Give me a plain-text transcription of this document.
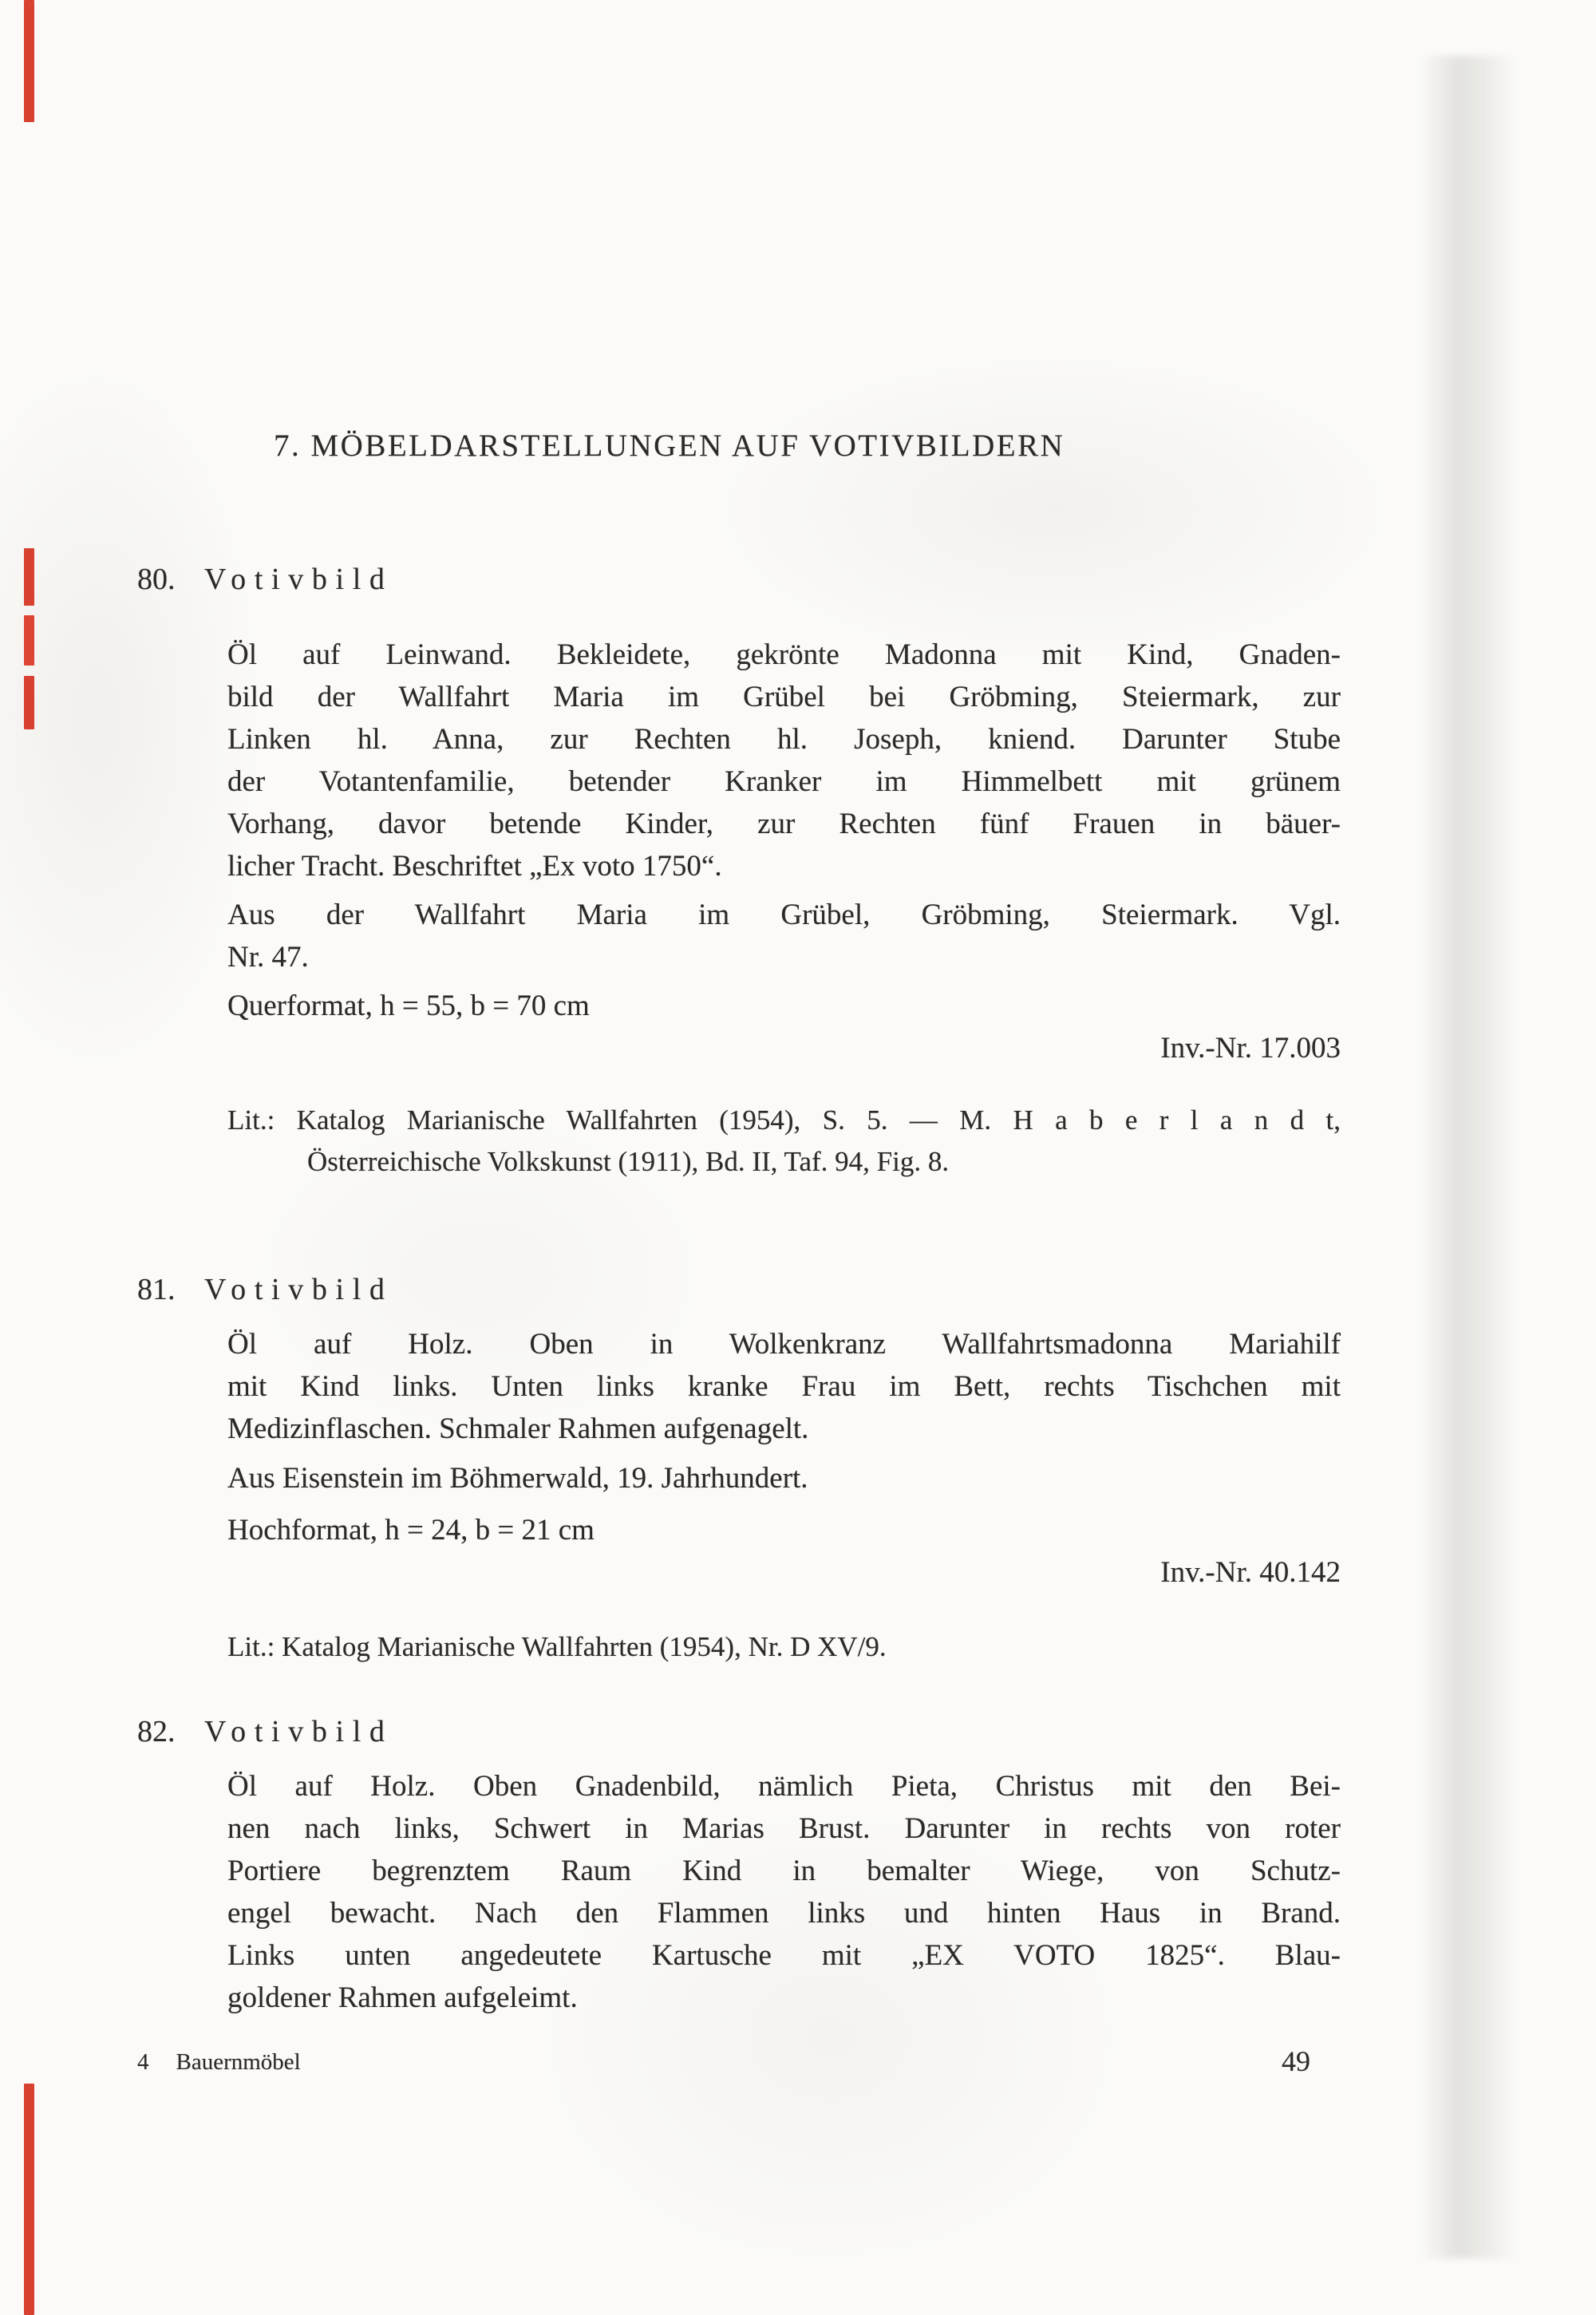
7. MÖBELDARSTELLUNGEN AUF VOTIVBILDERN
80. Votivbild
Öl auf Leinwand. Bekleidete, gekrönte Madonna mit Kind, Gnaden-
bild der Wallfahrt Maria im Grübel bei Gröbming, Steiermark, zur
Linken hl. Anna, zur Rechten hl. Joseph, kniend. Darunter Stube
der Votantenfamilie, betender Kranker im Himmelbett mit grünem
Vorhang, davor betende Kinder, zur Rechten fünf Frauen in bäuer-
licher Tracht. Beschriftet „Ex voto 1750“.
Aus der Wallfahrt Maria im Grübel, Gröbming, Steiermark. Vgl.
Nr. 47.
Querformat, h = 55, b = 70 cm
Inv.-Nr. 17.003
Lit.: Katalog Marianische Wallfahrten (1954), S. 5. — M. H a b e r l a n d t,
Österreichische Volkskunst (1911), Bd. II, Taf. 94, Fig. 8.
81. Votivbild
Öl auf Holz. Oben in Wolkenkranz Wallfahrtsmadonna Mariahilf
mit Kind links. Unten links kranke Frau im Bett, rechts Tischchen mit
Medizinflaschen. Schmaler Rahmen aufgenagelt.
Aus Eisenstein im Böhmerwald, 19. Jahrhundert.
Hochformat, h = 24, b = 21 cm
Inv.-Nr. 40.142
Lit.: Katalog Marianische Wallfahrten (1954), Nr. D XV/9.
82. Votivbild
Öl auf Holz. Oben Gnadenbild, nämlich Pieta, Christus mit den Bei-
nen nach links, Schwert in Marias Brust. Darunter in rechts von roter
Portiere begrenztem Raum Kind in bemalter Wiege, von Schutz-
engel bewacht. Nach den Flammen links und hinten Haus in Brand.
Links unten angedeutete Kartusche mit „EX VOTO 1825“. Blau-
goldener Rahmen aufgeleimt.
4 Bauernmöbel	49
